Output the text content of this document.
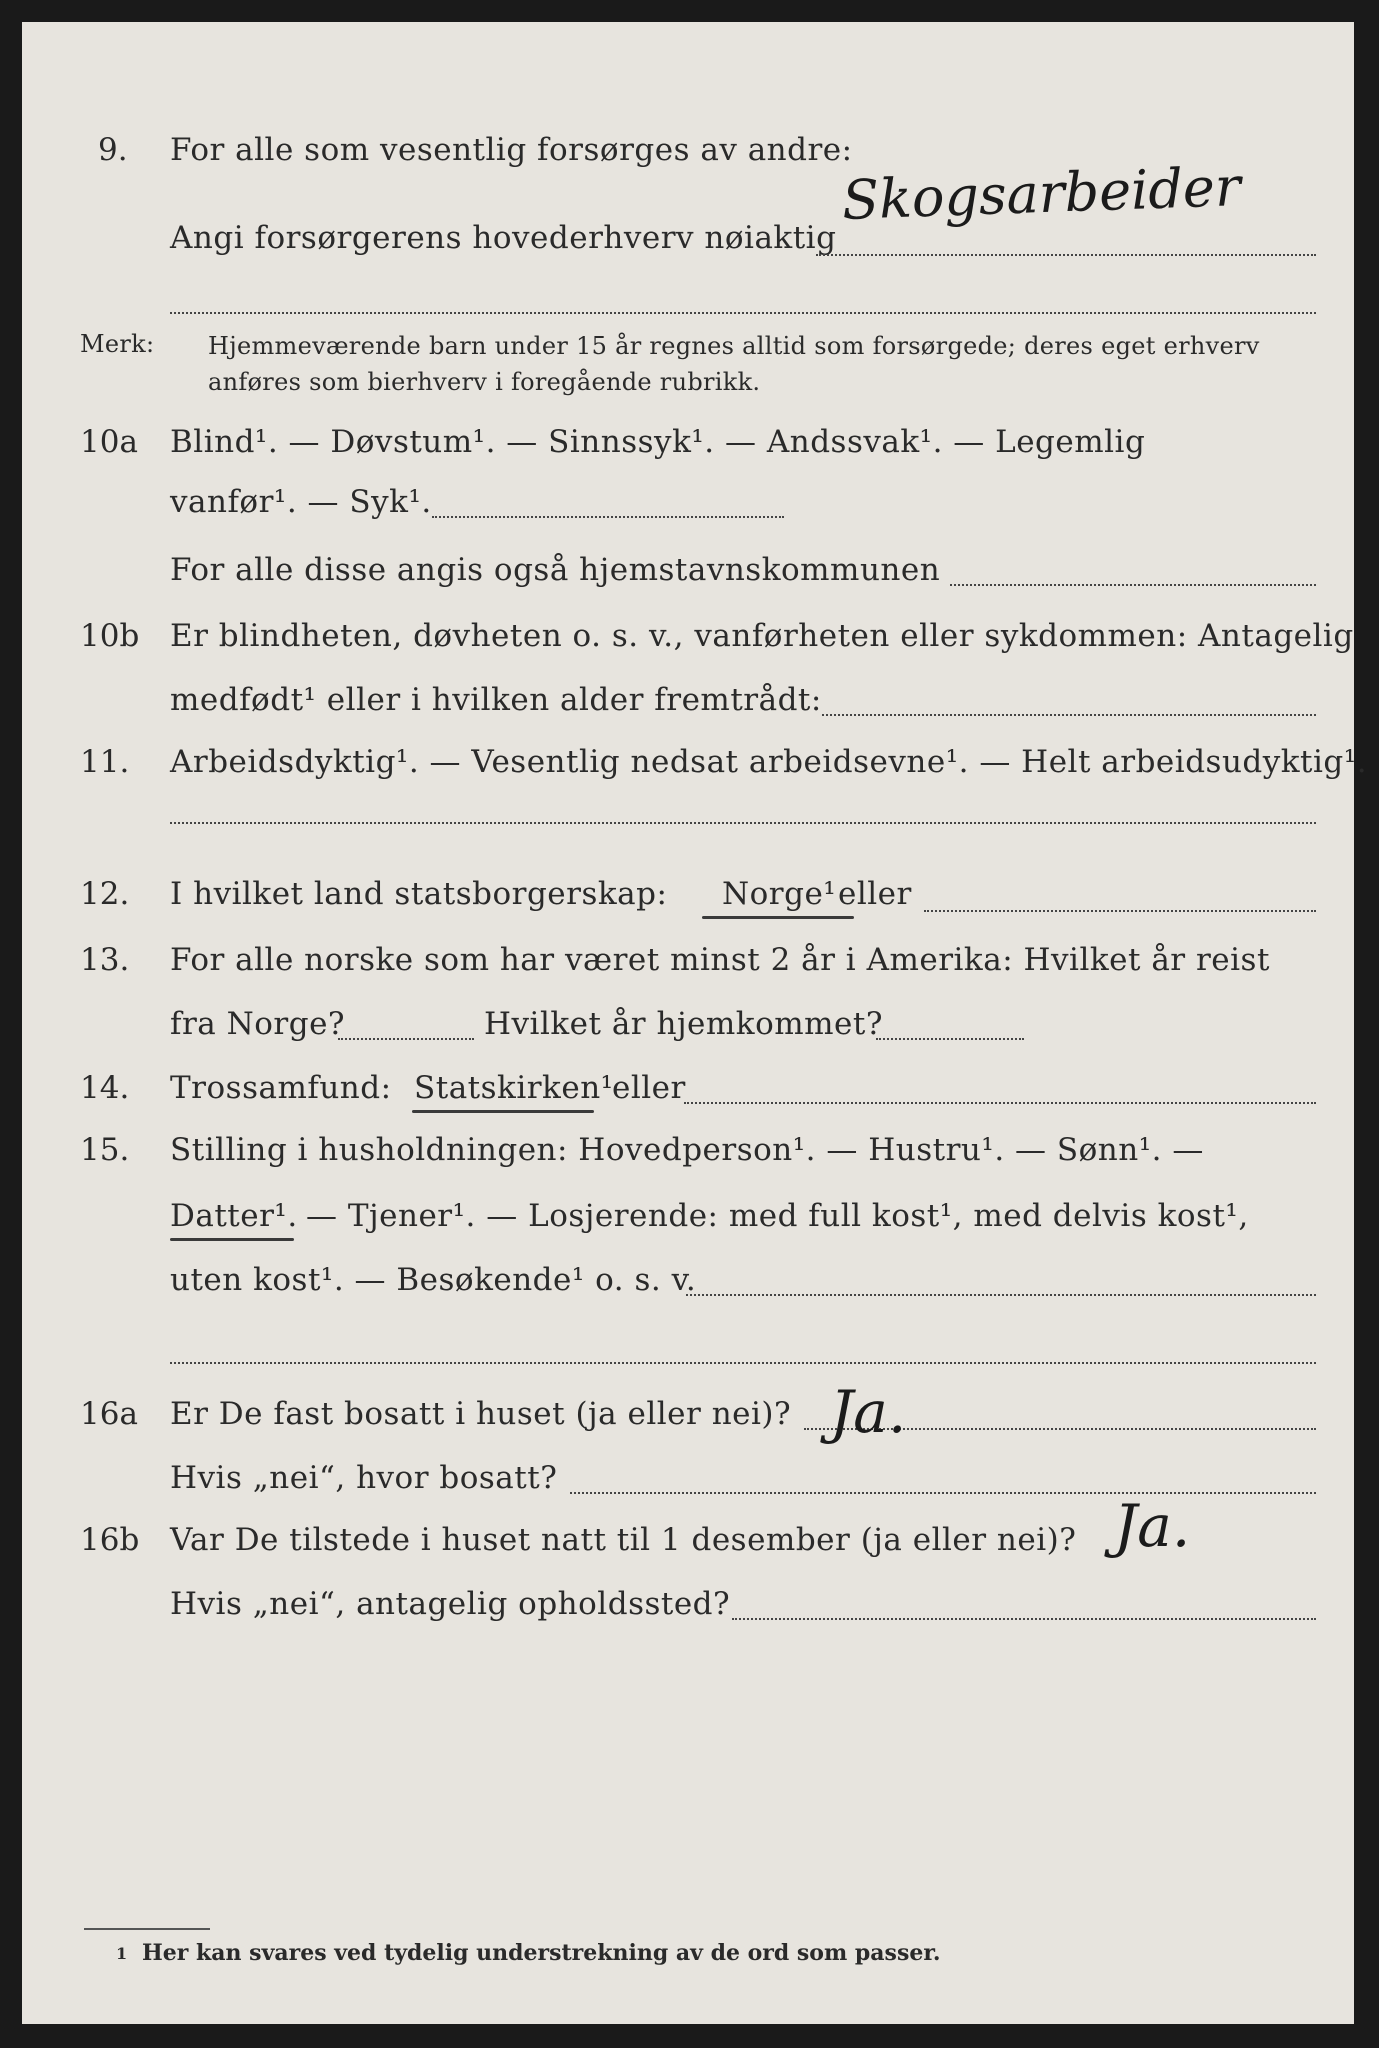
9. For alle som vesentlig forsørges av andre:
Skogsarbeider
Angi forsørgerens hovederhverv nøiaktig
Merk: Hjemmeværende barn under 15 år regnes alltid som forsørgede; deres eget erhverv
anføres som bierhverv i foregående rubrikk.
10a Blind¹. — Døvstum¹. — Sinnssyk¹. — Andssvak¹. — Legemlig
vanfør¹. — Syk¹.
For alle disse angis også hjemstavnskommunen
10b Er blindheten, døvheten o. s. v., vanførheten eller sykdommen: Antagelig
medfødt¹ eller i hvilken alder fremtrådt:
11. Arbeidsdyktig¹. — Vesentlig nedsat arbeidsevne¹. — Helt arbeidsudyktig¹.
12. I hvilket land statsborgerskap: Norge¹ eller
13. For alle norske som har været minst 2 år i Amerika: Hvilket år reist
fra Norge?	Hvilket år hjemkommet?
14. Trossamfund: Statskirken¹
eller
15. Stilling i husholdningen: Hovedperson¹. — Hustru¹. — Sønn¹. —
Datter¹. — Tjener¹. — Losjerende: med full kost¹, med delvis kost¹,
uten kost¹. — Besøkende¹ o. s. v.
16a Er De fast bosatt i huset (ja eller nei)? Ja.
Hvis „nei“, hvor bosatt?
16b Var De tilstede i huset natt til 1 desember (ja eller nei)? Ja.
Hvis „nei“, antagelig opholdssted?
1 Her kan svares ved tydelig understrekning av de ord som passer.
